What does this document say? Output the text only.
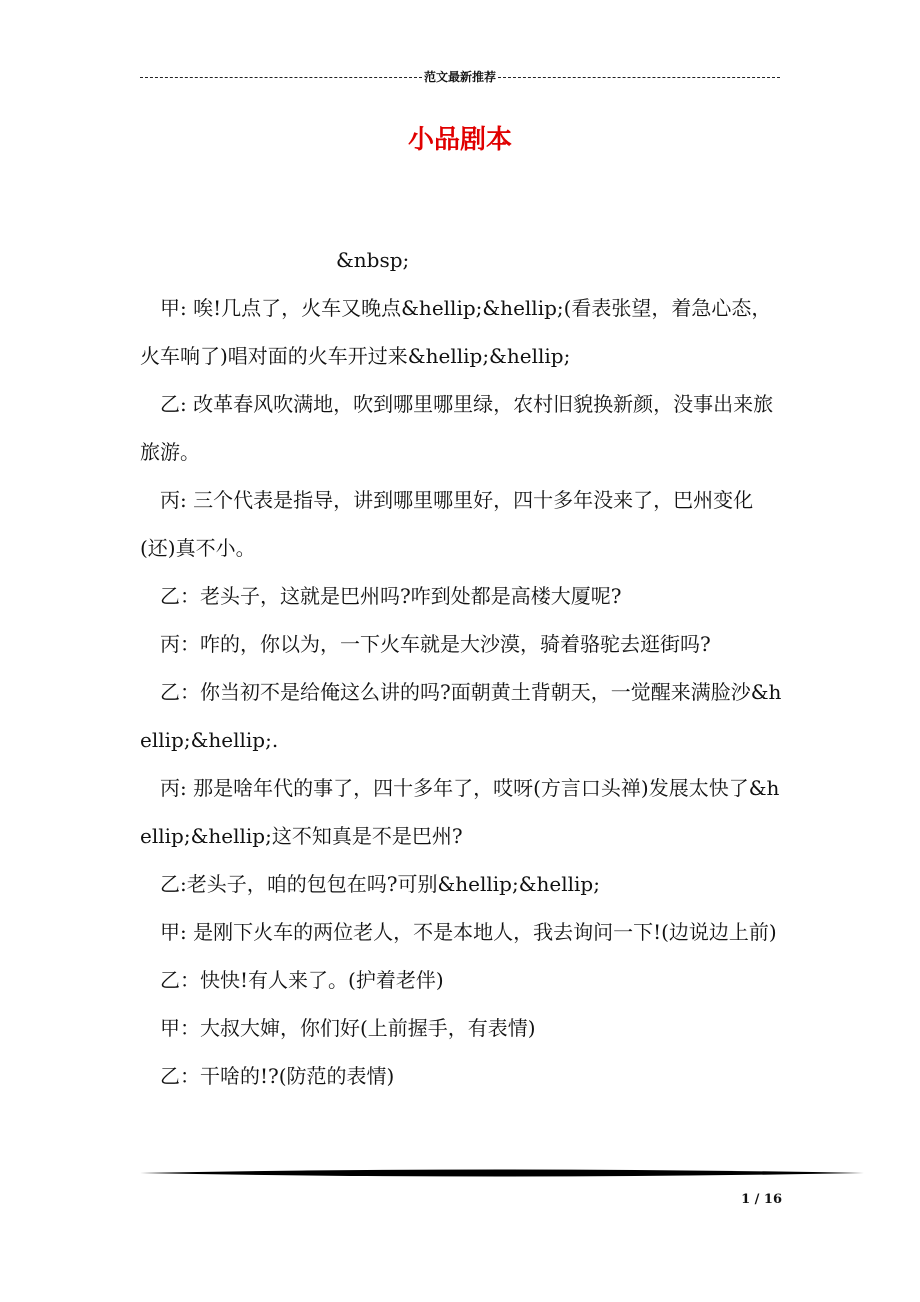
范文最新推荐
小品剧本

&nbsp;

甲: 唉!几点了，火车又晚点&hellip;&hellip;(看表张望，着急心态，火车响了)唱对面的火车开过来&hellip;&hellip;

乙: 改革春风吹满地，吹到哪里哪里绿，农村旧貌换新颜，没事出来旅旅游。

丙: 三个代表是指导，讲到哪里哪里好，四十多年没来了，巴州变化(还)真不小。

乙：老头子，这就是巴州吗?咋到处都是高楼大厦呢?

丙：咋的，你以为，一下火车就是大沙漠，骑着骆驼去逛街吗?

乙：你当初不是给俺这么讲的吗?面朝黄土背朝天，一觉醒来满脸沙&hellip;&hellip;.

丙: 那是啥年代的事了，四十多年了，哎呀(方言口头禅)发展太快了&hellip;&hellip;这不知真是不是巴州?

乙:老头子，咱的包包在吗?可别&hellip;&hellip;

甲: 是刚下火车的两位老人，不是本地人，我去询问一下!(边说边上前)

乙：快快!有人来了。(护着老伴)

甲：大叔大婶，你们好(上前握手，有表情)

乙：干啥的!?(防范的表情)

1 / 16
